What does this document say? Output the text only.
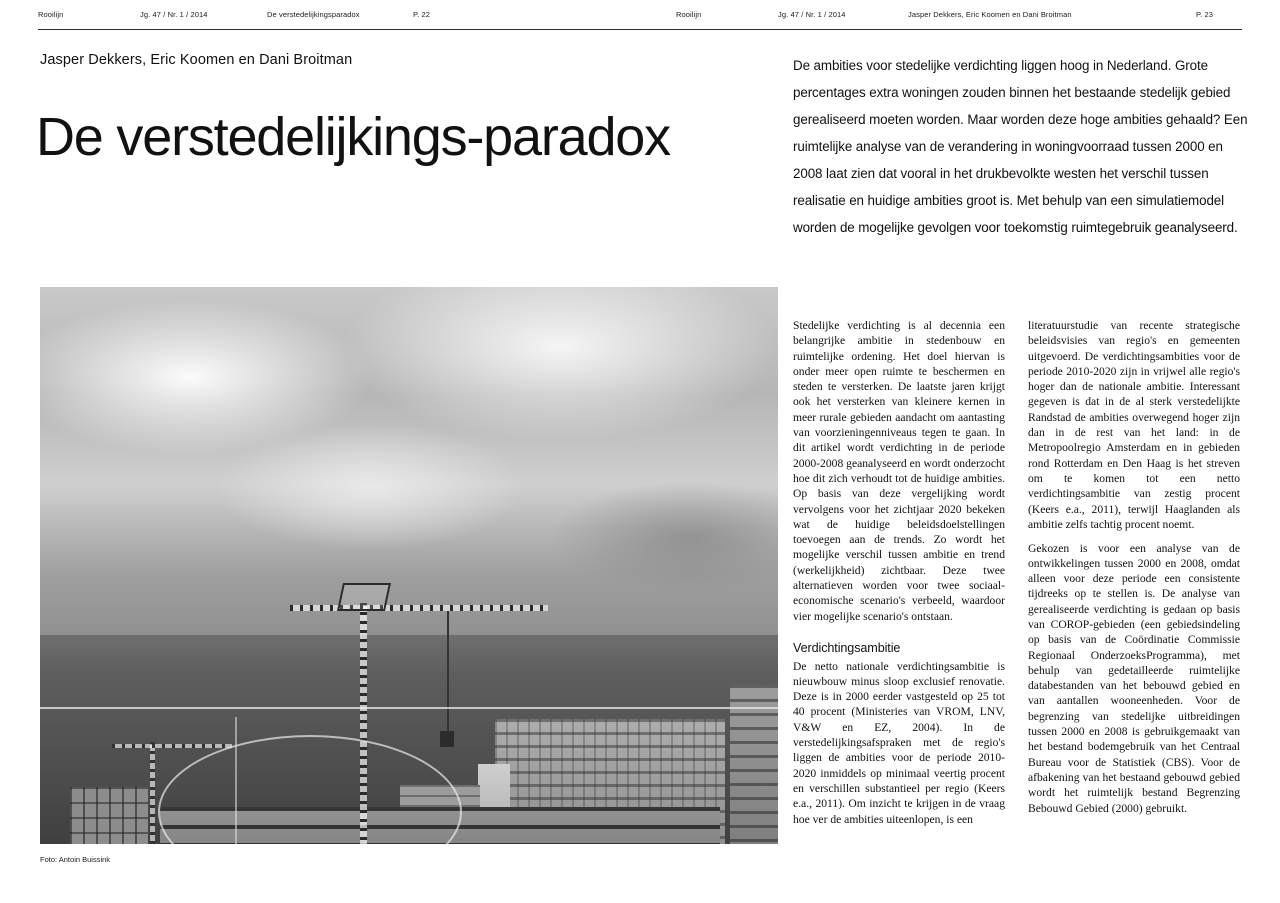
Rooilijn	Jg. 47 / Nr. 1 / 2014	De verstedelijkingsparadox	P. 22	Rooilijn	Jg. 47 / Nr. 1 / 2014	Jasper Dekkers, Eric Koomen en Dani Broitman	P. 23
Jasper Dekkers, Eric Koomen en Dani Broitman
De verstedelijkings-paradox
Foto: Antoin Buissink
De ambities voor stedelijke verdichting liggen hoog in Nederland. Grote percentages extra woningen zouden binnen het bestaande stedelijk gebied gerealiseerd moeten worden. Maar worden deze hoge ambities gehaald? Een ruimtelijke analyse van de verandering in woningvoorraad tussen 2000 en 2008 laat zien dat vooral in het drukbevolkte westen het verschil tussen realisatie en huidige ambities groot is. Met behulp van een simulatiemodel worden de mogelijke gevolgen voor toekomstig ruimtegebruik geanalyseerd.

Stedelijke verdichting is al decennia een belangrijke ambitie in stedenbouw en ruimtelijke ordening. Het doel hiervan is onder meer open ruimte te beschermen en steden te versterken. De laatste jaren krijgt ook het versterken van kleinere kernen in meer rurale gebieden aandacht om aantasting van voorzieningenniveaus tegen te gaan. In dit artikel wordt verdichting in de periode 2000-2008 geanalyseerd en wordt onderzocht hoe dit zich verhoudt tot de huidige ambities. Op basis van deze vergelijking wordt vervolgens voor het zichtjaar 2020 bekeken wat de huidige beleidsdoelstellingen toevoegen aan de trends. Zo wordt het mogelijke verschil tussen ambitie en trend (werkelijkheid) zichtbaar. Deze twee alternatieven worden voor twee sociaal-economische scenario's verbeeld, waardoor vier mogelijke scenario's ontstaan.

Verdichtingsambitie

De netto nationale verdichtingsambitie is nieuwbouw minus sloop exclusief renovatie. Deze is in 2000 eerder vastgesteld op 25 tot 40 procent (Ministeries van VROM, LNV, V&W en EZ, 2004). In de verstedelijkingsafspraken met de regio's liggen de ambities voor de periode 2010-2020 inmiddels op minimaal veertig procent en verschillen substantieel per regio (Keers e.a., 2011). Om inzicht te krijgen in de vraag hoe ver de ambities uiteenlopen, is een

literatuurstudie van recente strategische beleidsvisies van regio's en gemeenten uitgevoerd. De verdichtingsambities voor de periode 2010-2020 zijn in vrijwel alle regio's hoger dan de nationale ambitie. Interessant gegeven is dat in de al sterk verstedelijkte Randstad de ambities overwegend hoger zijn dan in de rest van het land: in de Metropoolregio Amsterdam en in gebieden rond Rotterdam en Den Haag is het streven om te komen tot een netto verdichtingsambitie van zestig procent (Keers e.a., 2011), terwijl Haaglanden als ambitie zelfs tachtig procent noemt.

Gekozen is voor een analyse van de ontwikkelingen tussen 2000 en 2008, omdat alleen voor deze periode een consistente tijdreeks op te stellen is. De analyse van gerealiseerde verdichting is gedaan op basis van COROP-gebieden (een gebiedsindeling op basis van de Coördinatie Commissie Regionaal OnderzoeksProgramma), met behulp van gedetailleerde ruimtelijke databestanden van het bebouwd gebied en van aantallen wooneenheden. Voor de begrenzing van stedelijke uitbreidingen tussen 2000 en 2008 is gebruikgemaakt van het bestand bodemgebruik van het Centraal Bureau voor de Statistiek (CBS). Voor de afbakening van het bestaand gebouwd gebied wordt het ruimtelijk bestand Begrenzing Bebouwd Gebied (2000) gebruikt.
